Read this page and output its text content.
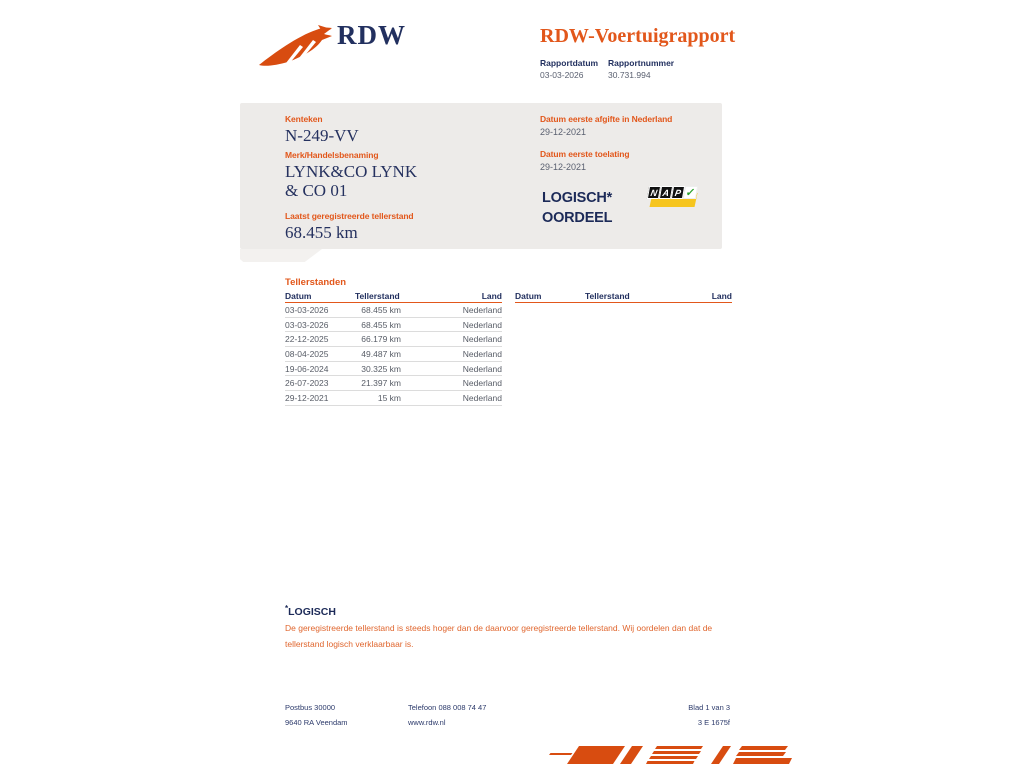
RDW	RDW-Voertuigrapport
Rapportdatum Rapportnummer
03-03-2026	30.731.994
Kenteken
N-249-VV
Merk/Handelsbenaming
LYNK&CO LYNK & CO 01
Laatst geregistreerde tellerstand
68.455 km
Datum eerste afgifte in Nederland
29-12-2021
Datum eerste toelating
29-12-2021
LOGISCH*
OORDEEL
N A P ✓
Tellerstanden
Datum	Tellerstand	Land
03-03-2026	68.455 km	Nederland
03-03-2026	68.455 km	Nederland
22-12-2025	66.179 km	Nederland
08-04-2025	49.487 km	Nederland
19-06-2024	30.325 km	Nederland
26-07-2023	21.397 km	Nederland
29-12-2021	15 km	Nederland
Datum	Tellerstand	Land
*LOGISCH
De geregistreerde tellerstand is steeds hoger dan de daarvoor geregistreerde tellerstand. Wij oordelen dan dat de tellerstand logisch verklaarbaar is.
Postbus 30000
9640 RA Veendam
Telefoon 088 008 74 47
www.rdw.nl
Blad 1 van 3
3 E 1675f
